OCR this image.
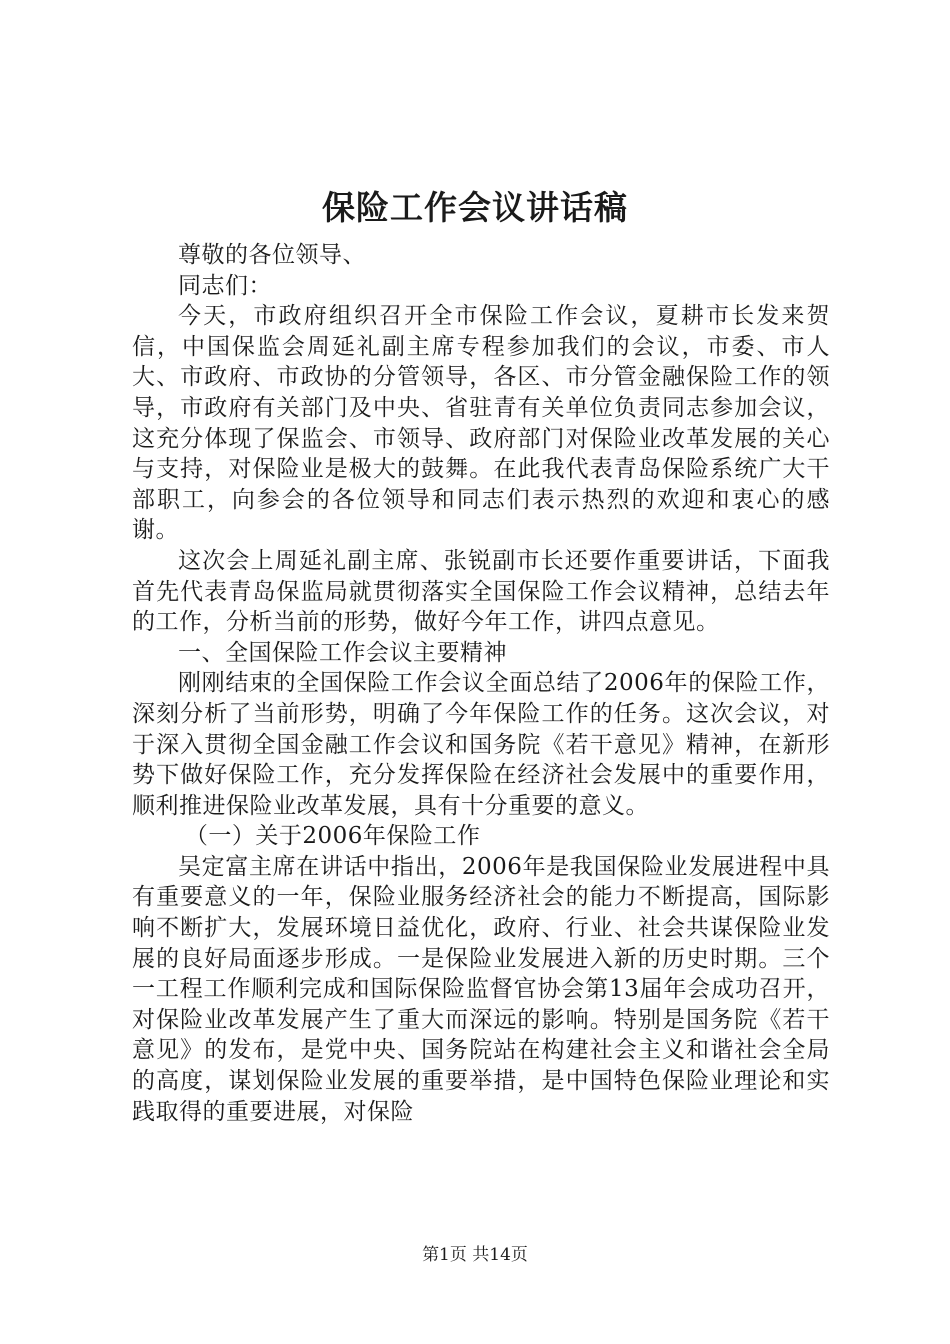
保险工作会议讲话稿

尊敬的各位领导、

同志们：

今天，市政府组织召开全市保险工作会议，夏耕市长发来贺信，中国保监会周延礼副主席专程参加我们的会议，市委、市人大、市政府、市政协的分管领导，各区、市分管金融保险工作的领导，市政府有关部门及中央、省驻青有关单位负责同志参加会议，这充分体现了保监会、市领导、政府部门对保险业改革发展的关心与支持，对保险业是极大的鼓舞。在此我代表青岛保险系统广大干部职工，向参会的各位领导和同志们表示热烈的欢迎和衷心的感谢。

这次会上周延礼副主席、张锐副市长还要作重要讲话，下面我首先代表青岛保监局就贯彻落实全国保险工作会议精神，总结去年的工作，分析当前的形势，做好今年工作，讲四点意见。

一、全国保险工作会议主要精神

刚刚结束的全国保险工作会议全面总结了2006年的保险工作，深刻分析了当前形势，明确了今年保险工作的任务。这次会议，对于深入贯彻全国金融工作会议和国务院《若干意见》精神，在新形势下做好保险工作，充分发挥保险在经济社会发展中的重要作用，顺利推进保险业改革发展，具有十分重要的意义。

（一）关于2006年保险工作

吴定富主席在讲话中指出，2006年是我国保险业发展进程中具有重要意义的一年，保险业服务经济社会的能力不断提高，国际影响不断扩大，发展环境日益优化，政府、行业、社会共谋保险业发展的良好局面逐步形成。一是保险业发展进入新的历史时期。三个一工程工作顺利完成和国际保险监督官协会第13届年会成功召开，对保险业改革发展产生了重大而深远的影响。特别是国务院《若干意见》的发布，是党中央、国务院站在构建社会主义和谐社会全局的高度，谋划保险业发展的重要举措，是中国特色保险业理论和实践取得的重要进展，对保险

第1页 共14页
